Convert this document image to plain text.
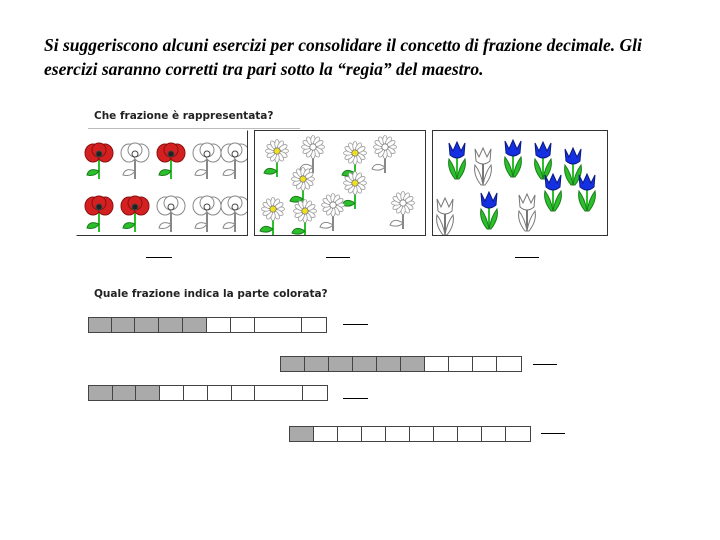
Si suggeriscono alcuni esercizi per consolidare il concetto di frazione decimale. Gli esercizi saranno corretti tra pari sotto la “regia” del maestro.

Che frazione è rappresentata?
Quale frazione indica la parte colorata?
